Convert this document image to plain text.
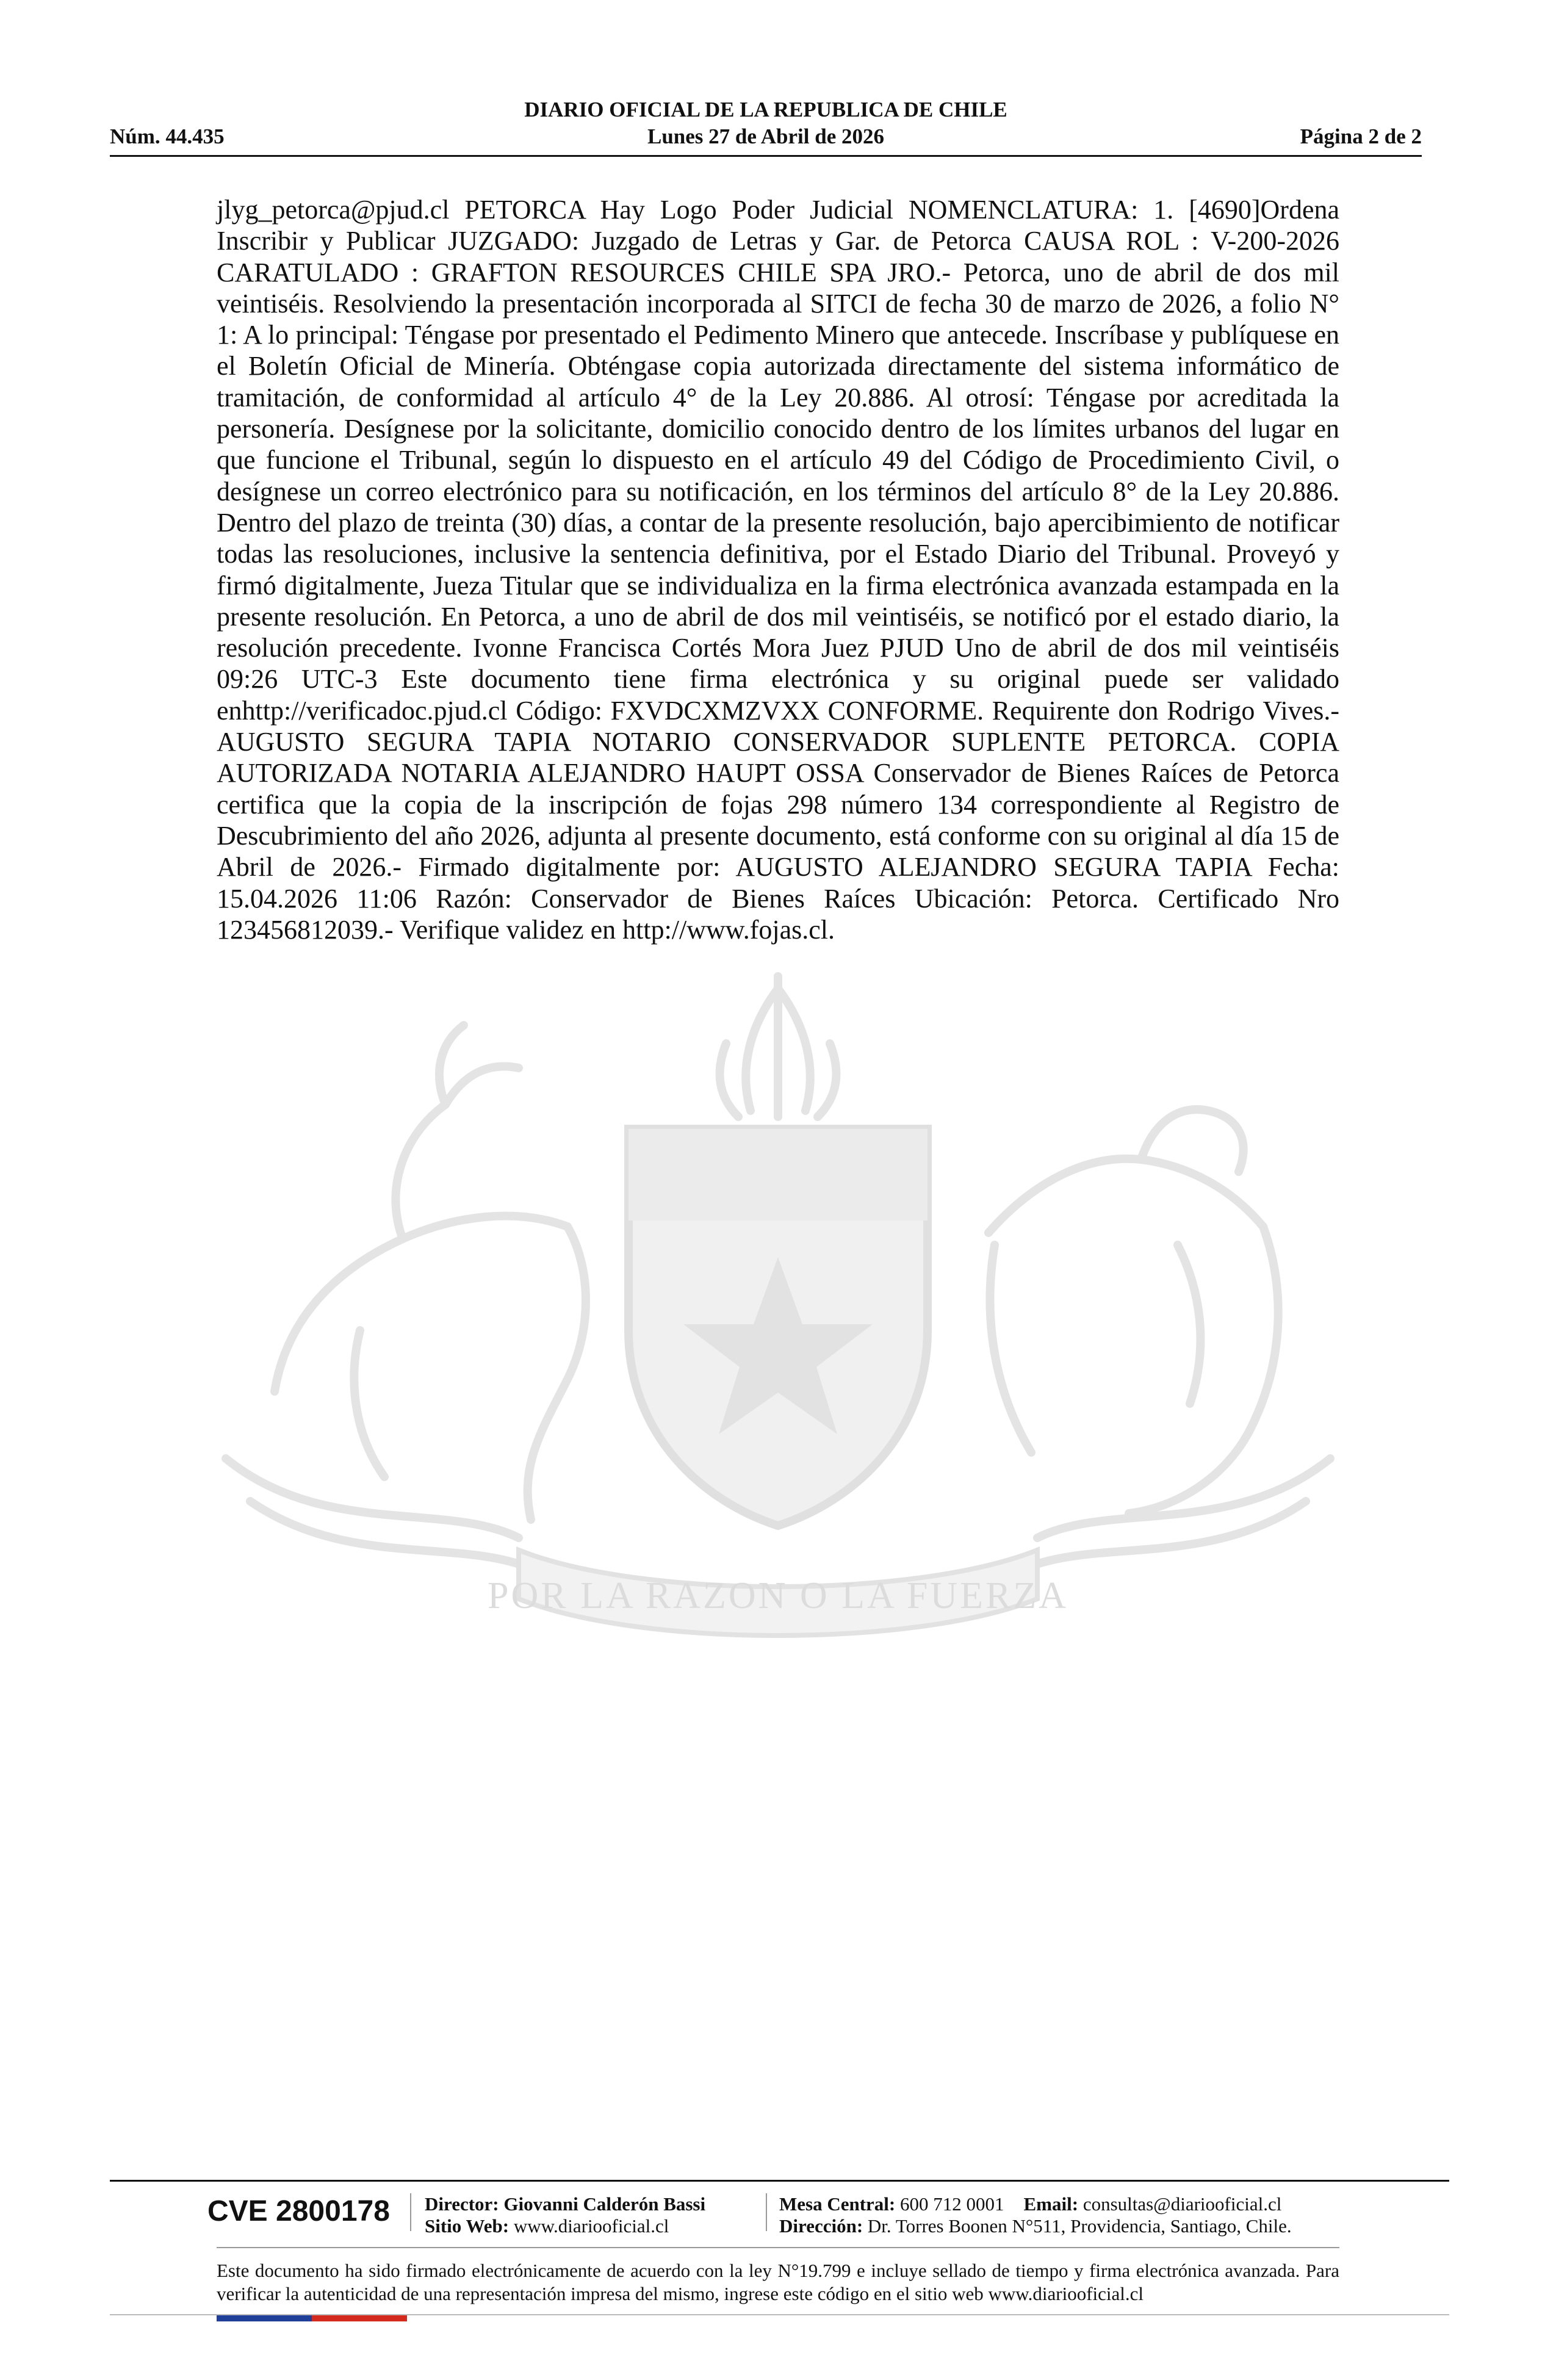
POR LA RAZON O LA FUERZA
DIARIO OFICIAL DE LA REPUBLICA DE CHILE
Núm. 44.435	Lunes 27 de Abril de 2026	Página 2 de 2
jlyg_petorca@pjud.cl PETORCA Hay Logo Poder Judicial NOMENCLATURA: 1. [4690]Ordena Inscribir y Publicar JUZGADO: Juzgado de Letras y Gar. de Petorca CAUSA ROL : V-200-2026 CARATULADO : GRAFTON RESOURCES CHILE SPA JRO.- Petorca, uno de abril de dos mil veintiséis. Resolviendo la presentación incorporada al SITCI de fecha 30 de marzo de 2026, a folio N° 1: A lo principal: Téngase por presentado el Pedimento Minero que antecede. Inscríbase y publíquese en el Boletín Oficial de Minería. Obténgase copia autorizada directamente del sistema informático de tramitación, de conformidad al artículo 4° de la Ley 20.886. Al otrosí: Téngase por acreditada la personería. Desígnese por la solicitante, domicilio conocido dentro de los límites urbanos del lugar en que funcione el Tribunal, según lo dispuesto en el artículo 49 del Código de Procedimiento Civil, o desígnese un correo electrónico para su notificación, en los términos del artículo 8° de la Ley 20.886. Dentro del plazo de treinta (30) días, a contar de la presente resolución, bajo apercibimiento de notificar todas las resoluciones, inclusive la sentencia definitiva, por el Estado Diario del Tribunal. Proveyó y firmó digitalmente, Jueza Titular que se individualiza en la firma electrónica avanzada estampada en la presente resolución. En Petorca, a uno de abril de dos mil veintiséis, se notificó por el estado diario, la resolución precedente. Ivonne Francisca Cortés Mora Juez PJUD Uno de abril de dos mil veintiséis 09:26 UTC-3 Este documento tiene firma electrónica y su original puede ser validado enhttp://verificadoc.pjud.cl Código: FXVDCXMZVXX CONFORME. Requirente don Rodrigo Vives.- AUGUSTO SEGURA TAPIA NOTARIO CONSERVADOR SUPLENTE PETORCA. COPIA AUTORIZADA NOTARIA ALEJANDRO HAUPT OSSA Conservador de Bienes Raíces de Petorca certifica que la copia de la inscripción de fojas 298 número 134 correspondiente al Registro de Descubrimiento del año 2026, adjunta al presente documento, está conforme con su original al día 15 de Abril de 2026.- Firmado digitalmente por: AUGUSTO ALEJANDRO SEGURA TAPIA Fecha: 15.04.2026 11:06 Razón: Conservador de Bienes Raíces Ubicación: Petorca. Certificado Nro 123456812039.- Verifique validez en http://www.fojas.cl.
CVE 2800178 Director: Giovanni Calderón Bassi
Sitio Web: www.diariooficial.cl
Mesa Central: 600 712 0001 Email: consultas@diariooficial.cl
Dirección: Dr. Torres Boonen N°511, Providencia, Santiago, Chile.
Este documento ha sido firmado electrónicamente de acuerdo con la ley N°19.799 e incluye sellado de tiempo y firma electrónica avanzada. Para verificar la autenticidad de una representación impresa del mismo, ingrese este código en el sitio web www.diariooficial.cl
